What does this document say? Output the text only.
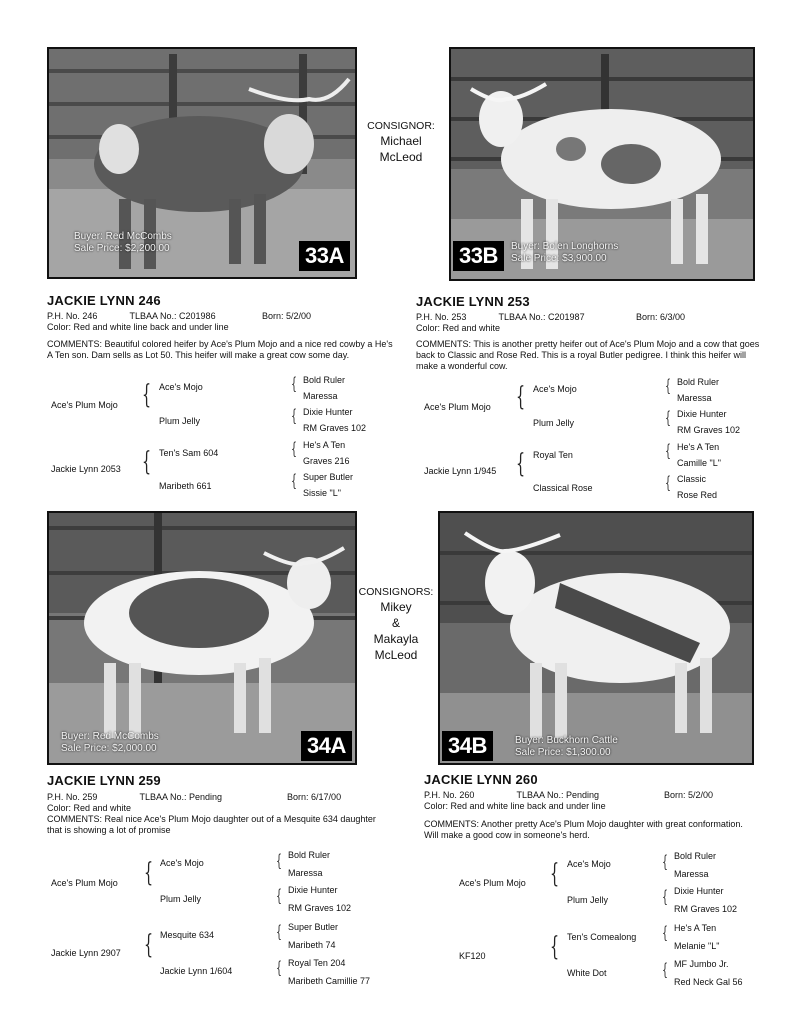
Buyer: Red McCombs
Sale Price: $2,200.00	33A	33B	Buyer: Bolen Longhorns
Sale Price: $3,900.00
Buyer: Red McCombs
Sale Price: $2,000.00	34A	34B	Buyer: Buckhorn Cattle
Sale Price: $1,300.00
CONSIGNOR:
Michael
McLeod
CONSIGNORS:
Mikey
&
Makayla
McLeod
JACKIE LYNN 246
P.H. No. 246	TLBAA No.: C201986	Born: 5/2/00
Color: Red and white line back and under line
COMMENTS: Beautiful colored heifer by Ace's Plum Mojo and a nice red cowby a He's A Ten son. Dam sells as Lot 50. This heifer will make a great cow some day.
Ace's Plum Mojo { Ace's Mojo
Plum Jelly
{ Bold Ruler
Maressa
{ Dixie Hunter
RM Graves 102
Jackie Lynn 2053 { Ten's Sam 604
Maribeth 661
{ He's A Ten
Graves 216
{ Super Butler
Sissie "L"
JACKIE LYNN 253
P.H. No. 253	TLBAA No.: C201987	Born: 6/3/00
Color: Red and white
COMMENTS: This is another pretty heifer out of Ace's Plum Mojo and a cow that goes back to Classic and Rose Red. This is a royal Butler pedigree. I think this heifer will make a wonderful cow.
Ace's Plum Mojo { Ace's Mojo
Plum Jelly
{ Bold Ruler
Maressa
{ Dixie Hunter
RM Graves 102
Jackie Lynn 1/945 { Royal Ten
Classical Rose
{ He's A Ten
Camille "L"
{ Classic
Rose Red
JACKIE LYNN 259
P.H. No. 259	TLBAA No.: Pending	Born: 6/17/00
Color: Red and white
COMMENTS: Real nice Ace's Plum Mojo daughter out of a Mesquite 634 daughter that is showing a lot of promise
Ace's Plum Mojo { Ace's Mojo
Plum Jelly
{ Bold Ruler
Maressa
{ Dixie Hunter
RM Graves 102
Jackie Lynn 2907 { Mesquite 634
Jackie Lynn 1/604
{ Super Butler
Maribeth 74
{ Royal Ten 204
Maribeth Camillie 77
JACKIE LYNN 260
P.H. No. 260	TLBAA No.: Pending	Born: 5/2/00
Color: Red and white line back and under line
COMMENTS: Another pretty Ace's Plum Mojo daughter with great conformation. Will make a good cow in someone's herd.
Ace's Plum Mojo { Ace's Mojo
Plum Jelly
{ Bold Ruler
Maressa
{ Dixie Hunter
RM Graves 102
KF120 { Ten's Comealong
White Dot
{ He's A Ten
Melanie "L"
{ MF Jumbo Jr.
Red Neck Gal 56
